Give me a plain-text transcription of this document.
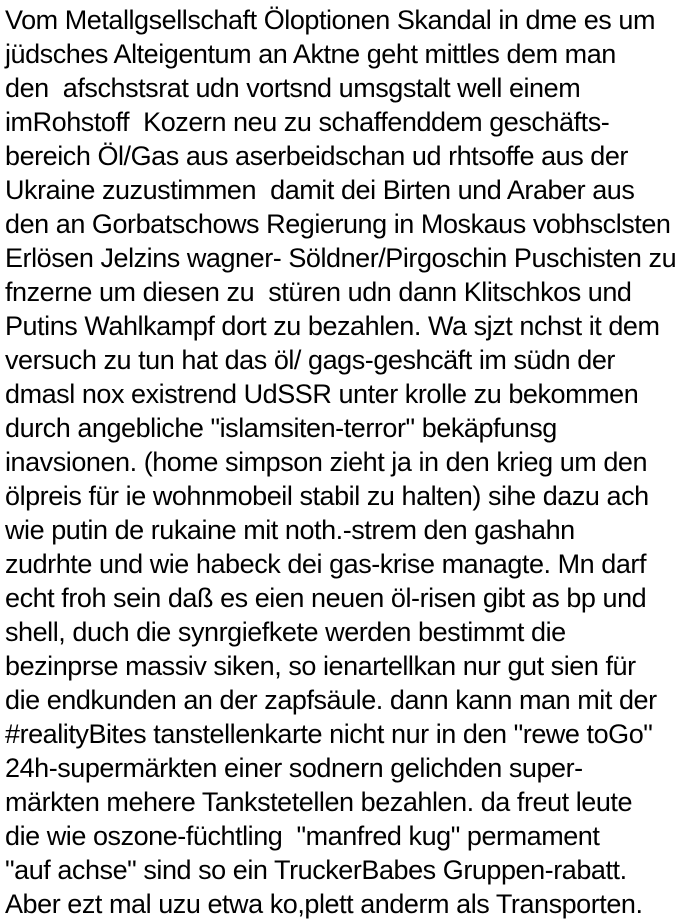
Vom Metallgsellschaft Öloptionen Skandal in dme es um
jüdsches Alteigentum an Aktne geht mittles dem man
den  afschstsrat udn vortsnd umsgstalt well einem
imRohstoff  Kozern neu zu schaffenddem geschäfts-
bereich Öl/Gas aus aserbeidschan ud rhtsoffe aus der
Ukraine zuzustimmen  damit dei Birten und Araber aus
den an Gorbatschows Regierung in Moskaus vobhsclsten
Erlösen Jelzins wagner- Söldner/Pirgoschin Puschisten zu
fnzerne um diesen zu  stüren udn dann Klitschkos und
Putins Wahlkampf dort zu bezahlen. Wa sjzt nchst it dem
versuch zu tun hat das öl/ gags-geshcäft im südn der
dmasl nox existrend UdSSR unter krolle zu bekommen
durch angebliche "islamsiten-terror" bekäpfunsg
inavsionen. (home simpson zieht ja in den krieg um den
ölpreis für ie wohnmobeil stabil zu halten) sihe dazu ach
wie putin de rukaine mit noth.-strem den gashahn
zudrhte und wie habeck dei gas-krise managte. Mn darf
echt froh sein daß es eien neuen öl-risen gibt as bp und
shell, duch die synrgiefkete werden bestimmt die
bezinprse massiv siken, so ienartellkan nur gut sien für
die endkunden an der zapfsäule. dann kann man mit der
#realityBites tanstellenkarte nicht nur in den "rewe toGo"
24h-supermärkten einer sodnern gelichden super-
märkten mehere Tankstetellen bezahlen. da freut leute
die wie oszone-füchtling  "manfred kug" permament
"auf achse" sind so ein TruckerBabes Gruppen-rabatt.
Aber ezt mal uzu etwa ko,plett anderm als Transporten.
